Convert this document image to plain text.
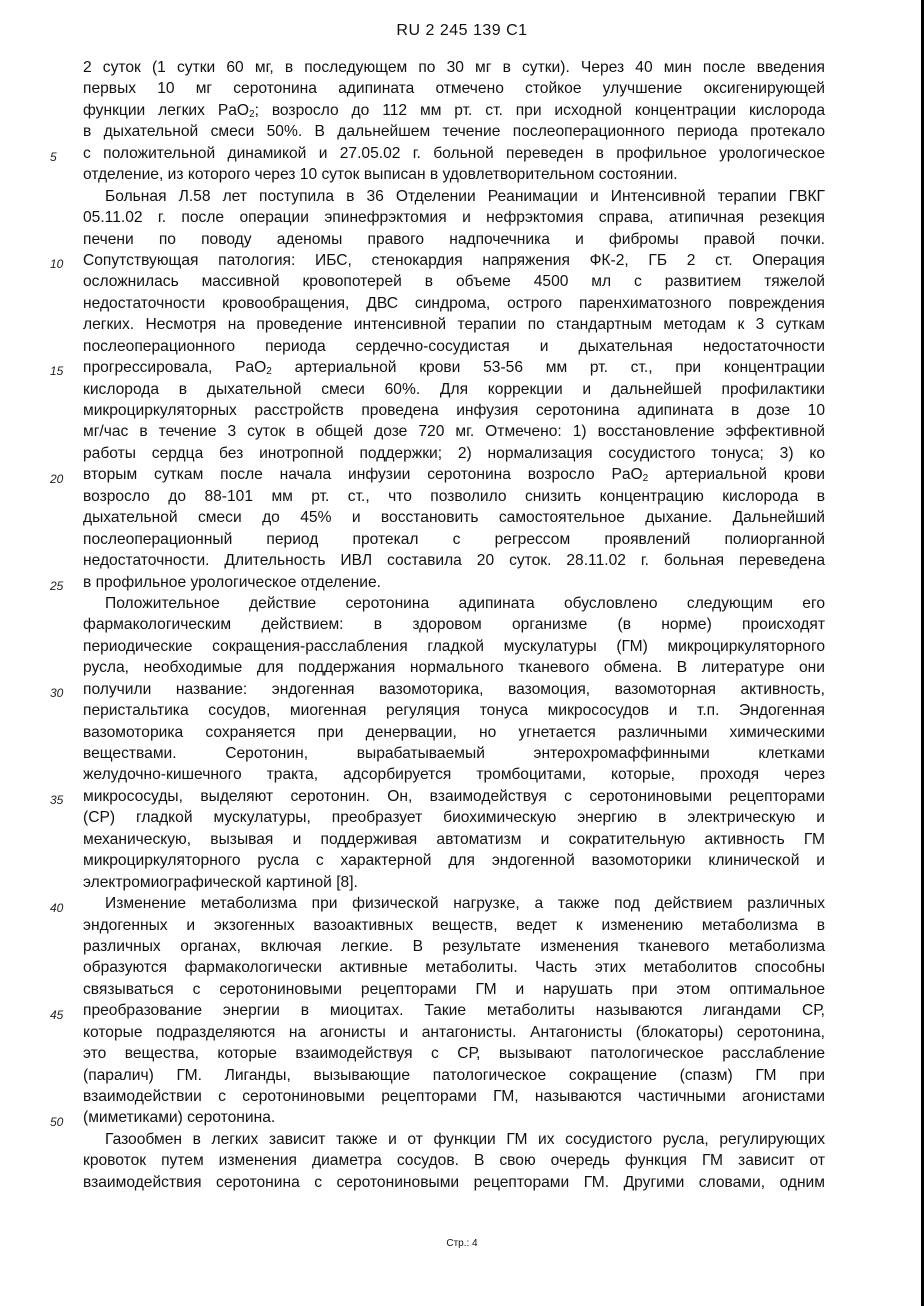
RU 2 245 139 C1
2 суток (1 сутки 60 мг, в последующем по 30 мг в сутки). Через 40 мин после введения
первых 10 мг серотонина адипината отмечено стойкое улучшение оксигенирующей
функции легких PaO$_2$; возросло до 112 мм рт. ст. при исходной концентрации кислорода
в дыхательной смеси 50%. В дальнейшем течение послеоперационного периода протекало
с положительной динамикой и 27.05.02 г. больной переведен в профильное урологическое
отделение, из которого через 10 суток выписан в удовлетворительном состоянии.
Больная Л.58 лет поступила в 36 Отделении Реанимации и Интенсивной терапии ГВКГ
05.11.02 г. после операции эпинефрэктомия и нефрэктомия справа, атипичная резекция
печени по поводу аденомы правого надпочечника и фибромы правой почки.
Сопутствующая патология: ИБС, стенокардия напряжения ФК-2, ГБ 2 ст. Операция
осложнилась массивной кровопотерей в объеме 4500 мл с развитием тяжелой
недостаточности кровообращения, ДВС синдрома, острого паренхиматозного повреждения
легких. Несмотря на проведение интенсивной терапии по стандартным методам к 3 суткам
послеоперационного периода сердечно-сосудистая и дыхательная недостаточности
прогрессировала, PaO$_2$ артериальной крови 53-56 мм рт. ст., при концентрации
кислорода в дыхательной смеси 60%. Для коррекции и дальнейшей профилактики
микроциркуляторных расстройств проведена инфузия серотонина адипината в дозе 10
мг/час в течение 3 суток в общей дозе 720 мг. Отмечено: 1) восстановление эффективной
работы сердца без инотропной поддержки; 2) нормализация сосудистого тонуса; 3) ко
вторым суткам после начала инфузии серотонина возросло PaO$_2$ артериальной крови
возросло до 88-101 мм рт. ст., что позволило снизить концентрацию кислорода в
дыхательной смеси до 45% и восстановить самостоятельное дыхание. Дальнейший
послеоперационный период протекал с регрессом проявлений полиорганной
недостаточности. Длительность ИВЛ составила 20 суток. 28.11.02 г. больная переведена
в профильное урологическое отделение.
Положительное действие серотонина адипината обусловлено следующим его
фармакологическим действием: в здоровом организме (в норме) происходят
периодические сокращения-расслабления гладкой мускулатуры (ГМ) микроциркуляторного
русла, необходимые для поддержания нормального тканевого обмена. В литературе они
получили название: эндогенная вазомоторика, вазомоция, вазомоторная активность,
перистальтика сосудов, миогенная регуляция тонуса микрососудов и т.п. Эндогенная
вазомоторика сохраняется при денервации, но угнетается различными химическими
веществами. Серотонин, вырабатываемый энтерохромаффинными клетками
желудочно-кишечного тракта, адсорбируется тромбоцитами, которые, проходя через
микрососуды, выделяют серотонин. Он, взаимодействуя с серотониновыми рецепторами
(СР) гладкой мускулатуры, преобразует биохимическую энергию в электрическую и
механическую, вызывая и поддерживая автоматизм и сократительную активность ГМ
микроциркуляторного русла с характерной для эндогенной вазомоторики клинической и
электромиографической картиной [8].
Изменение метаболизма при физической нагрузке, а также под действием различных
эндогенных и экзогенных вазоактивных веществ, ведет к изменению метаболизма в
различных органах, включая легкие. В результате изменения тканевого метаболизма
образуются фармакологически активные метаболиты. Часть этих метаболитов способны
связываться с серотониновыми рецепторами ГМ и нарушать при этом оптимальное
преобразование энергии в миоцитах. Такие метаболиты называются лигандами СР,
которые подразделяются на агонисты и антагонисты. Антагонисты (блокаторы) серотонина,
это вещества, которые взаимодействуя с СР, вызывают патологическое расслабление
(паралич) ГМ. Лиганды, вызывающие патологическое сокращение (спазм) ГМ при
взаимодействии с серотониновыми рецепторами ГМ, называются частичными агонистами
(миметиками) серотонина.
Газообмен в легких зависит также и от функции ГМ их сосудистого русла, регулирующих
кровоток путем изменения диаметра сосудов. В свою очередь функция ГМ зависит от
взаимодействия серотонина с серотониновыми рецепторами ГМ. Другими словами, одним
5
10
15
20
25
30
35
40
45
50
Стр.: 4
